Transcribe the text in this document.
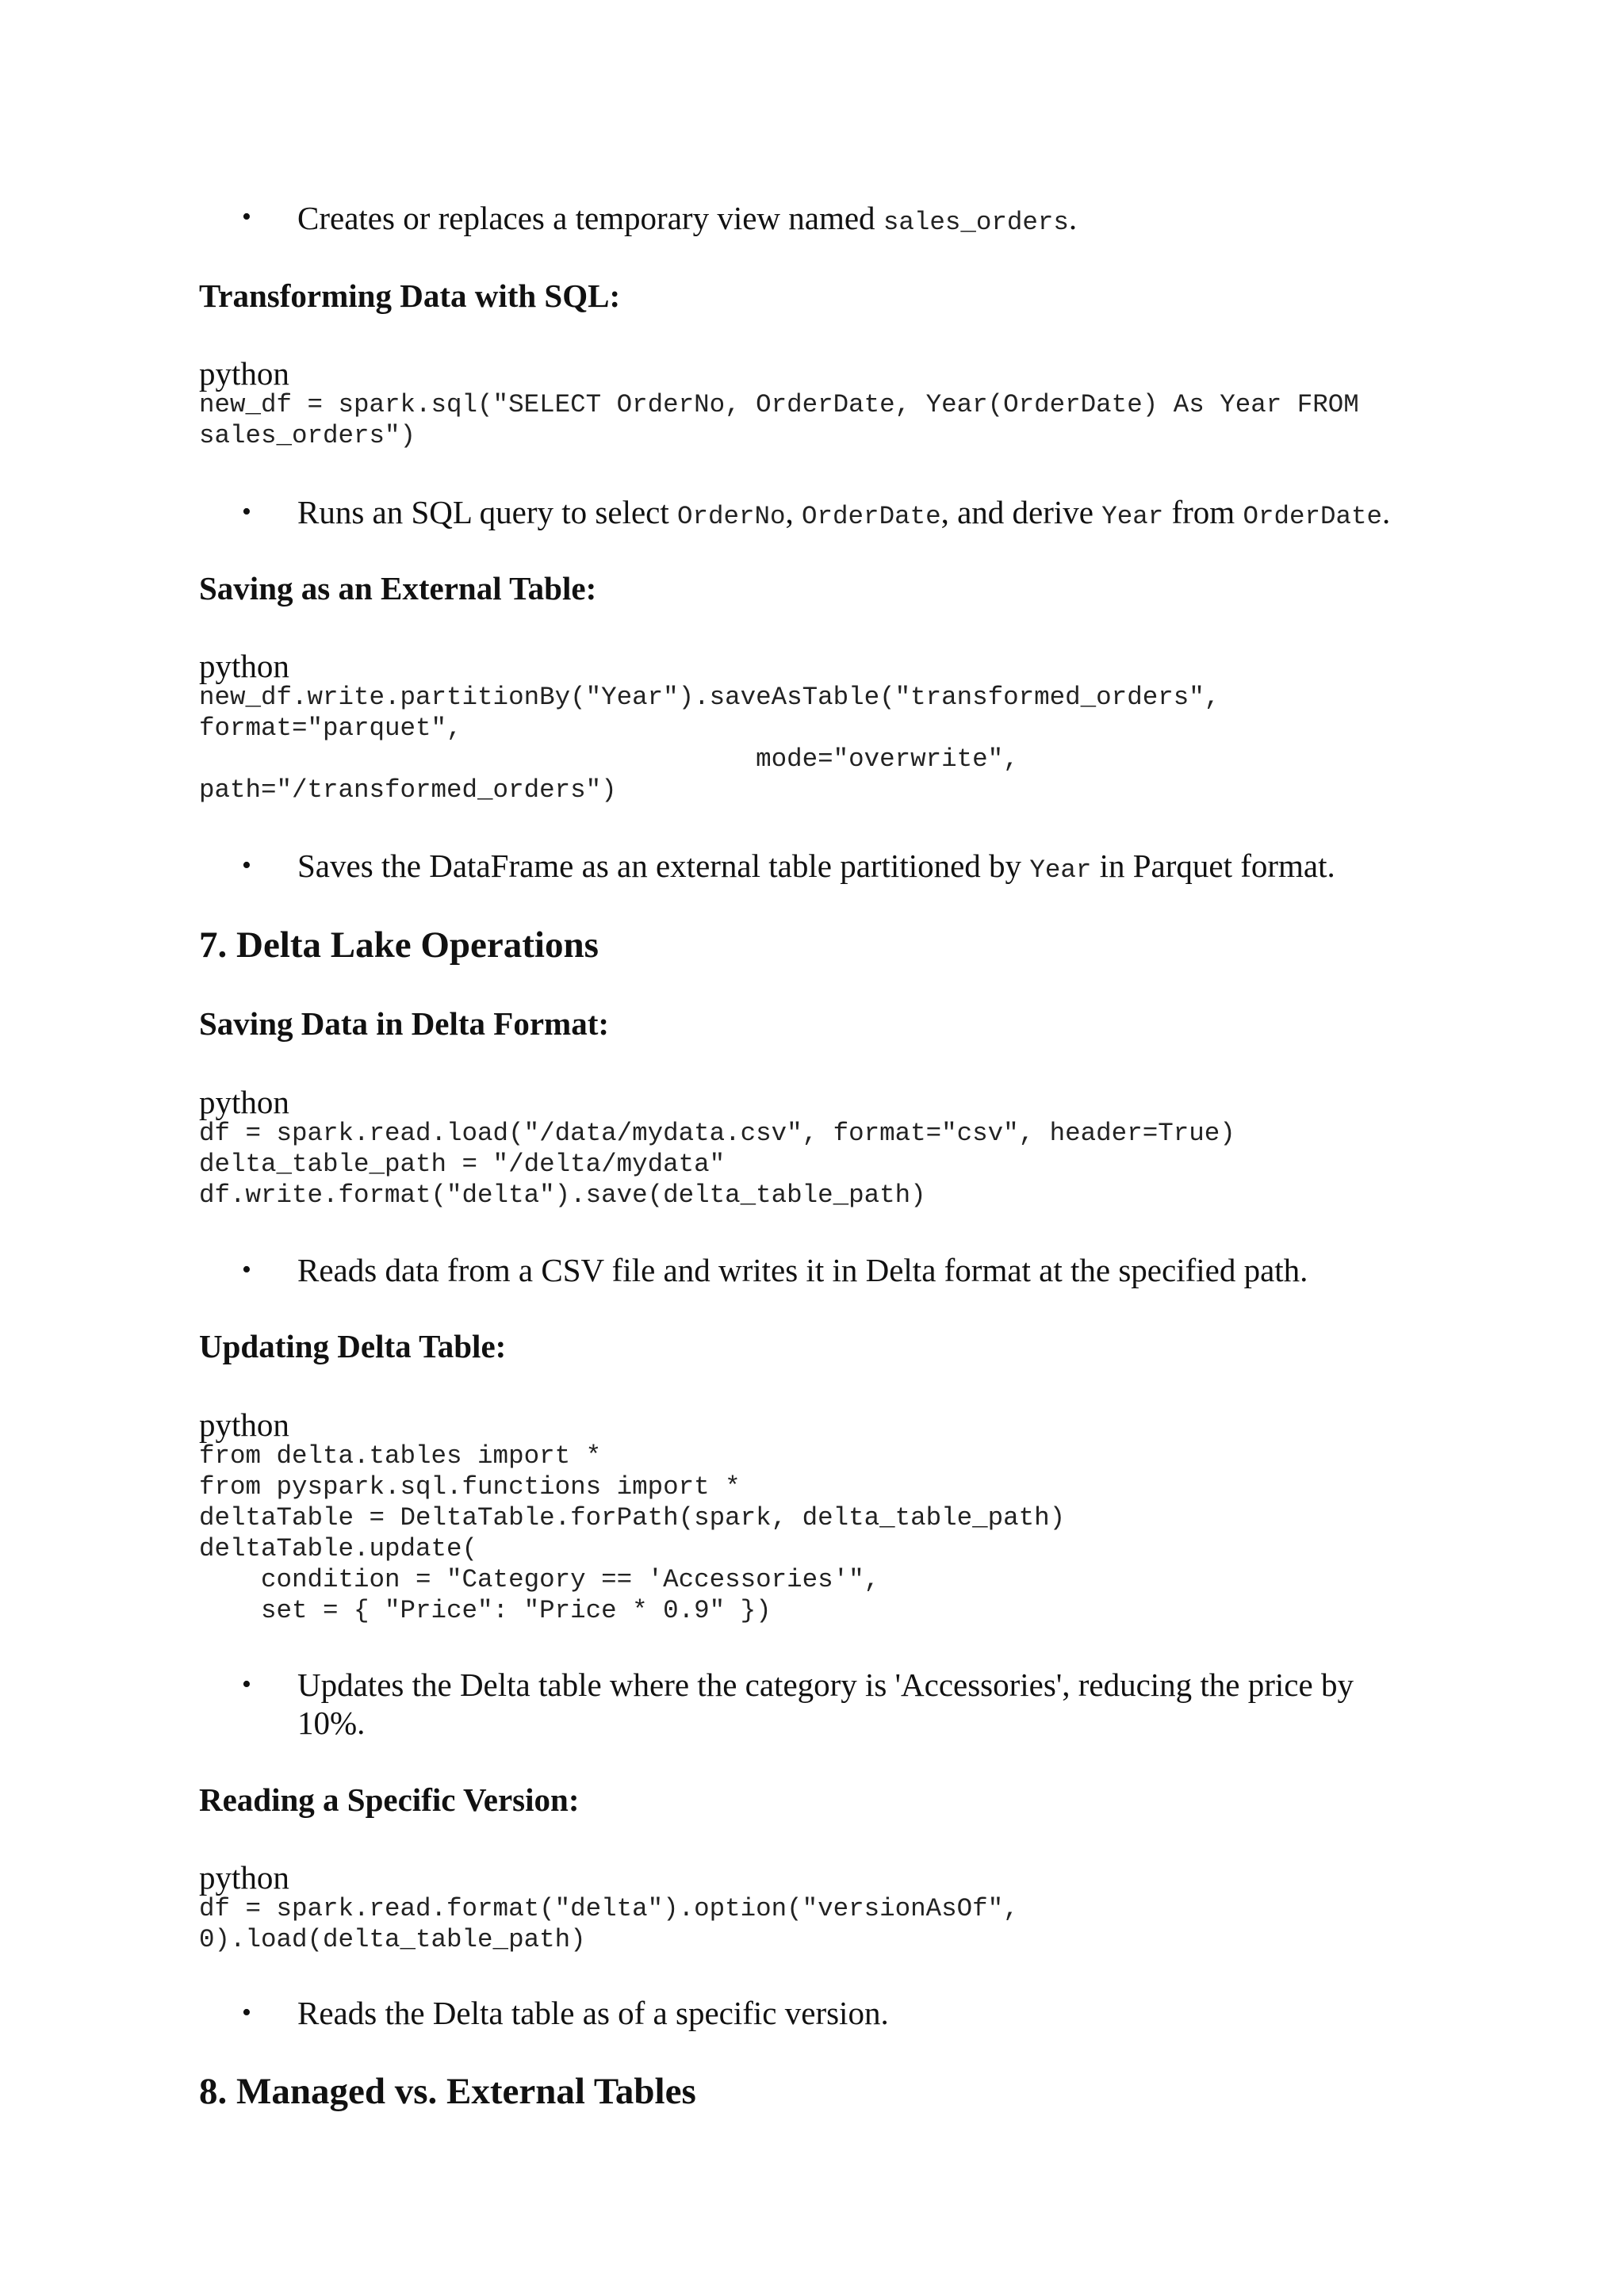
• Creates or replaces a temporary view named sales_orders.
Transforming Data with SQL:
python
new_df = spark.sql("SELECT OrderNo, OrderDate, Year(OrderDate) As Year FROM
sales_orders")
• Runs an SQL query to select OrderNo, OrderDate, and derive Year from OrderDate.
Saving as an External Table:
python
new_df.write.partitionBy("Year").saveAsTable("transformed_orders",
format="parquet",
mode="overwrite",
path="/transformed_orders")
• Saves the DataFrame as an external table partitioned by Year in Parquet format.
7. Delta Lake Operations
Saving Data in Delta Format:
python
df = spark.read.load("/data/mydata.csv", format="csv", header=True)
delta_table_path = "/delta/mydata"
df.write.format("delta").save(delta_table_path)
• Reads data from a CSV file and writes it in Delta format at the specified path.
Updating Delta Table:
python
from delta.tables import *
from pyspark.sql.functions import *
deltaTable = DeltaTable.forPath(spark, delta_table_path)
deltaTable.update(
condition = "Category == 'Accessories'",
set = { "Price": "Price * 0.9" })
• Updates the Delta table where the category is 'Accessories', reducing the price by
10%.
Reading a Specific Version:
python
df = spark.read.format("delta").option("versionAsOf",
0).load(delta_table_path)
• Reads the Delta table as of a specific version.
8. Managed vs. External Tables
